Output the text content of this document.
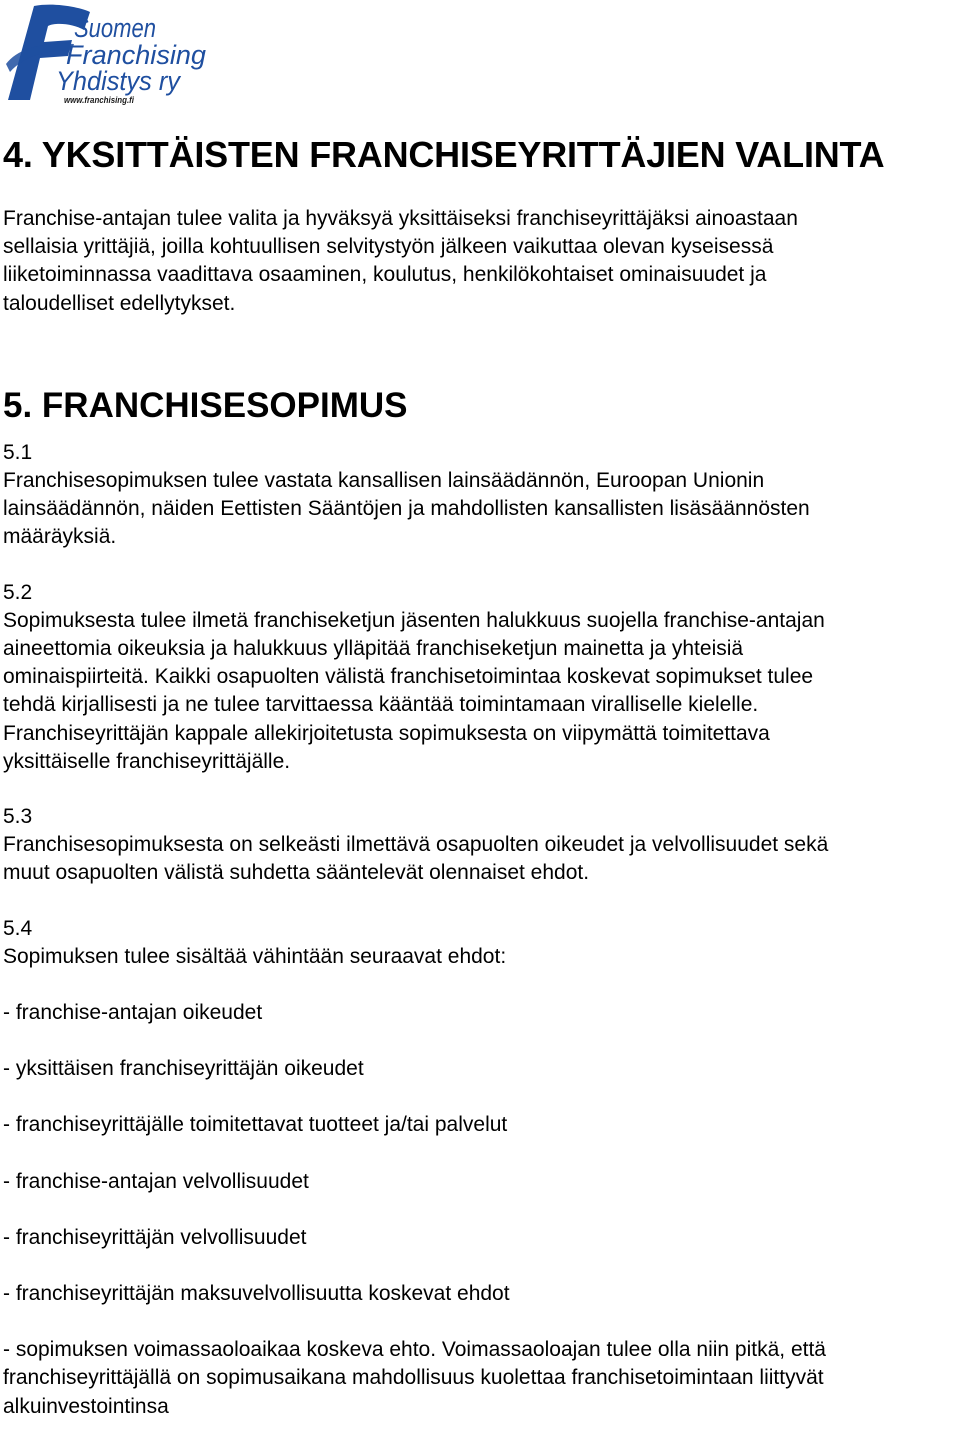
Suomen
Franchising
Yhdistys ry
www.franchising.fi
4. YKSITTÄISTEN FRANCHISEYRITTÄJIEN VALINTA

Franchise-antajan tulee valita ja hyväksyä yksittäiseksi franchiseyrittäjäksi ainoastaan

sellaisia yrittäjiä, joilla kohtuullisen selvitystyön jälkeen vaikuttaa olevan kyseisessä

liiketoiminnassa vaadittava osaaminen, koulutus, henkilökohtaiset ominaisuudet ja

taloudelliset edellytykset.

5. FRANCHISESOPIMUS

5.1

Franchisesopimuksen tulee vastata kansallisen lainsäädännön, Euroopan Unionin

lainsäädännön, näiden Eettisten Sääntöjen ja mahdollisten kansallisten lisäsäännösten

määräyksiä.

5.2

Sopimuksesta tulee ilmetä franchiseketjun jäsenten halukkuus suojella franchise-antajan

aineettomia oikeuksia ja halukkuus ylläpitää franchiseketjun mainetta ja yhteisiä

ominaispiirteitä. Kaikki osapuolten välistä franchisetoimintaa koskevat sopimukset tulee

tehdä kirjallisesti ja ne tulee tarvittaessa kääntää toimintamaan viralliselle kielelle.

Franchiseyrittäjän kappale allekirjoitetusta sopimuksesta on viipymättä toimitettava

yksittäiselle franchiseyrittäjälle.

5.3

Franchisesopimuksesta on selkeästi ilmettävä osapuolten oikeudet ja velvollisuudet sekä

muut osapuolten välistä suhdetta sääntelevät olennaiset ehdot.

5.4

Sopimuksen tulee sisältää vähintään seuraavat ehdot:

- franchise-antajan oikeudet

- yksittäisen franchiseyrittäjän oikeudet

- franchiseyrittäjälle toimitettavat tuotteet ja/tai palvelut

- franchise-antajan velvollisuudet

- franchiseyrittäjän velvollisuudet

- franchiseyrittäjän maksuvelvollisuutta koskevat ehdot

- sopimuksen voimassaoloaikaa koskeva ehto. Voimassaoloajan tulee olla niin pitkä, että

franchiseyrittäjällä on sopimusaikana mahdollisuus kuolettaa franchisetoimintaan liittyvät

alkuinvestointinsa
